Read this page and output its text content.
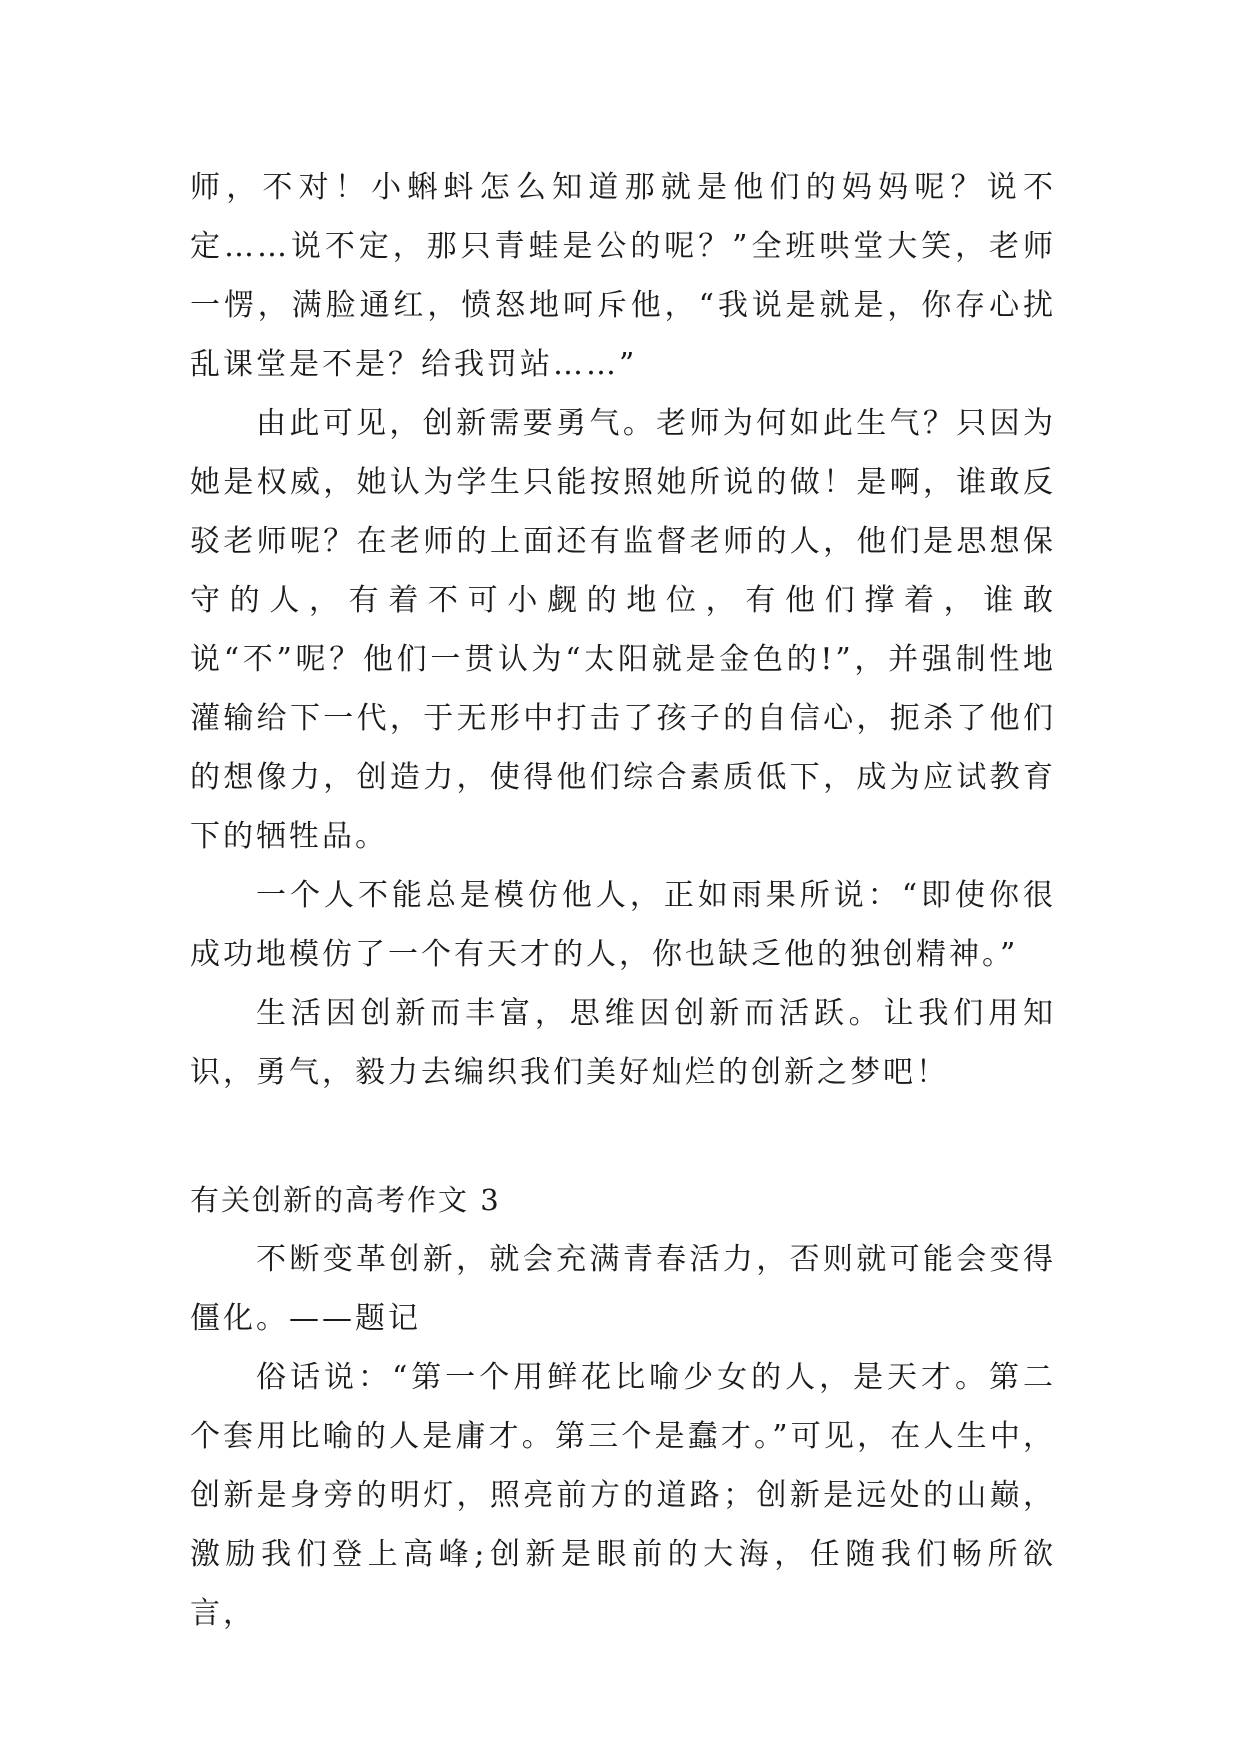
师，不对！小蝌蚪怎么知道那就是他们的妈妈呢？说不定……说不定，那只青蛙是公的呢？”全班哄堂大笑，老师一愣，满脸通红，愤怒地呵斥他，“我说是就是，你存心扰乱课堂是不是？给我罚站……”

由此可见，创新需要勇气。老师为何如此生气？只因为她是权威，她认为学生只能按照她所说的做！是啊，谁敢反驳老师呢？在老师的上面还有监督老师的人，他们是思想保守的人，有着不可小觑的地位，有他们撑着，谁敢说“不”呢？他们一贯认为“太阳就是金色的!”，并强制性地灌输给下一代，于无形中打击了孩子的自信心，扼杀了他们的想像力，创造力，使得他们综合素质低下，成为应试教育下的牺牲品。

一个人不能总是模仿他人，正如雨果所说：“即使你很成功地模仿了一个有天才的人，你也缺乏他的独创精神。”

生活因创新而丰富，思维因创新而活跃。让我们用知识，勇气，毅力去编织我们美好灿烂的创新之梦吧！

有关创新的高考作文 3

不断变革创新，就会充满青春活力，否则就可能会变得僵化。——题记

俗话说：“第一个用鲜花比喻少女的人，是天才。第二个套用比喻的人是庸才。第三个是蠢才。”可见，在人生中，创新是身旁的明灯，照亮前方的道路；创新是远处的山巅，激励我们登上高峰;创新是眼前的大海，任随我们畅所欲言，
